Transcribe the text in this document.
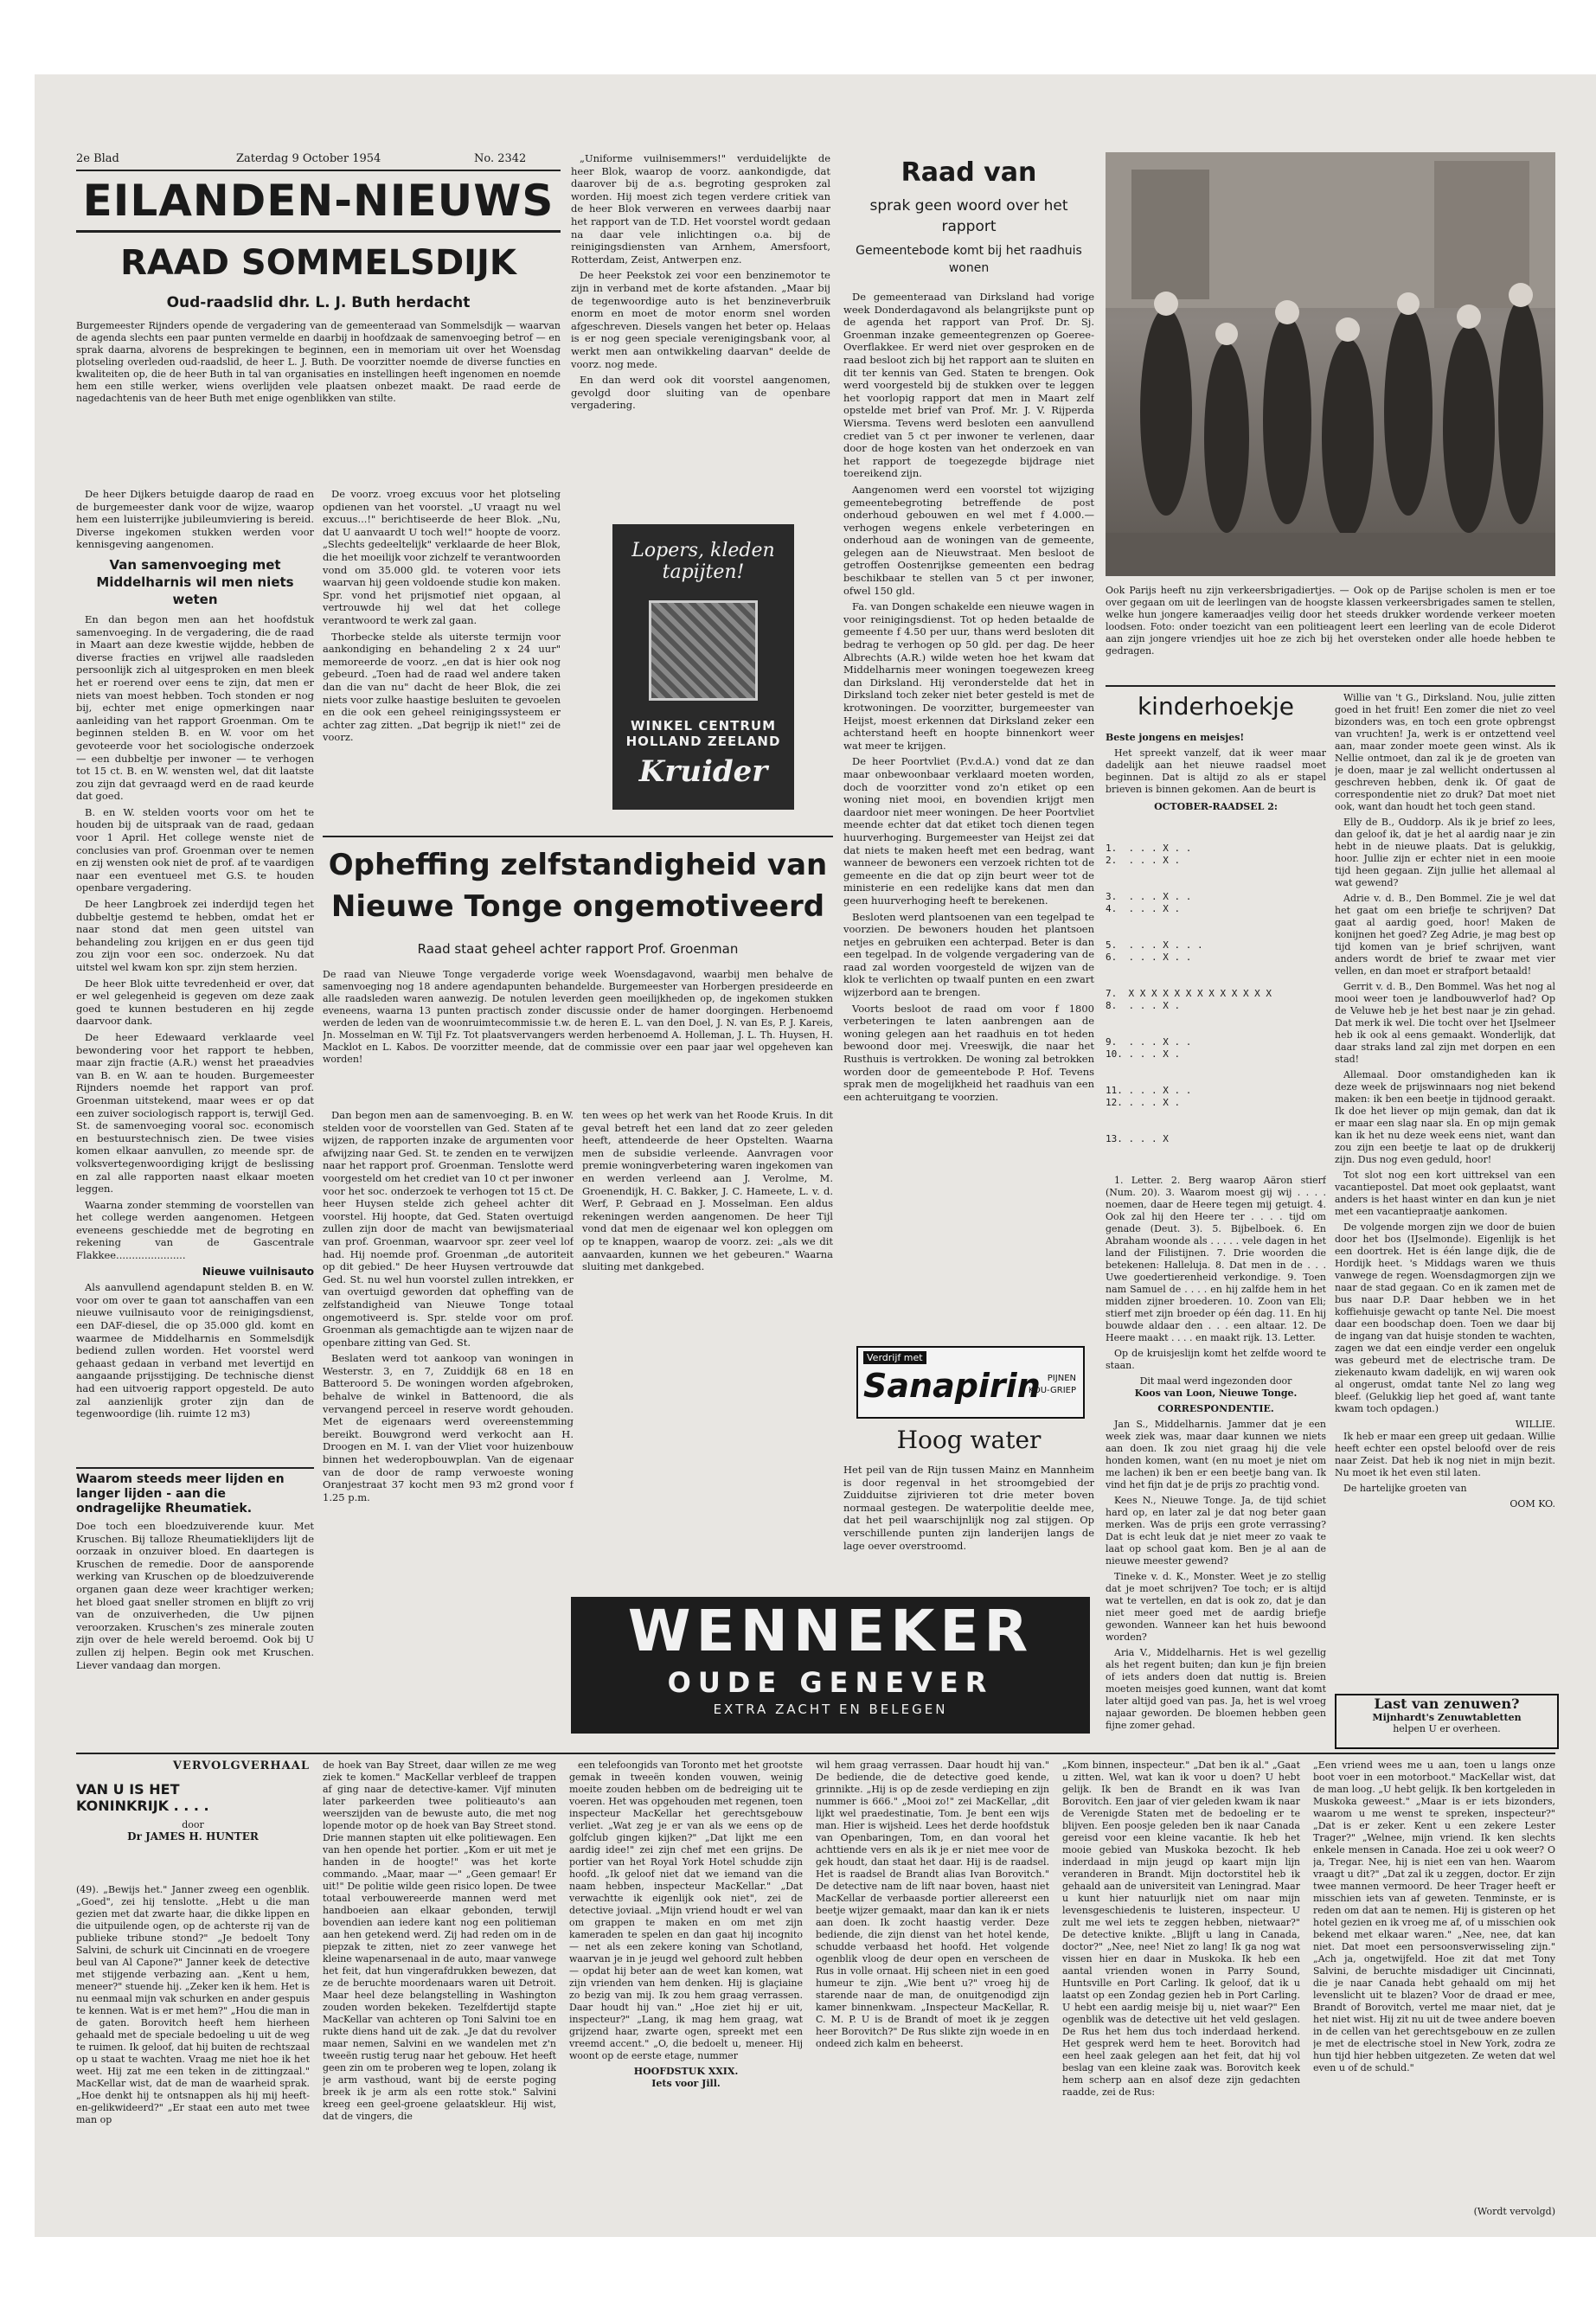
2e Blad	Zaterdag 9 October 1954	No. 2342
EILANDEN-NIEUWS
RAAD SOMMELSDIJK
Oud-raadslid dhr. L. J. Buth herdacht
Burgemeester Rijnders opende de vergadering van de gemeenteraad van Sommelsdijk — waarvan de agenda slechts een paar punten vermelde en daarbij in hoofdzaak de samenvoeging betrof — en sprak daarna, alvorens de besprekingen te beginnen, een in memoriam uit over het Woensdag plotseling overleden oud-raadslid, de heer L. J. Buth. De voorzitter noemde de diverse functies en kwaliteiten op, die de heer Buth in tal van organisaties en instellingen heeft ingenomen en noemde hem een stille werker, wiens overlijden vele plaatsen onbezet maakt. De raad eerde de nagedachtenis van de heer Buth met enige ogenblikken van stilte.

De heer Dijkers betuigde daarop de raad en de burgemeester dank voor de wijze, waarop hem een luisterrijke jubileumviering is bereid. Diverse ingekomen stukken werden voor kennisgeving aangenomen.

Van samenvoeging met Middelharnis wil men niets weten

En dan begon men aan het hoofdstuk samenvoeging. In de vergadering, die de raad in Maart aan deze kwestie wijdde, hebben de diverse fracties en vrijwel alle raadsleden persoonlijk zich al uitgesproken en men bleek het er roerend over eens te zijn, dat men er niets van moest hebben. Toch stonden er nog bij, echter met enige opmerkingen naar aanleiding van het rapport Groenman. Om te beginnen stelden B. en W. voor om het gevoteerde voor het sociologische onderzoek — een dubbeltje per inwoner — te verhogen tot 15 ct. B. en W. wensten wel, dat dit laatste zou zijn dat gevraagd werd en de raad keurde dat goed.

B. en W. stelden voorts voor om het te houden bij de uitspraak van de raad, gedaan voor 1 April. Het college wenste niet de conclusies van prof. Groenman over te nemen en zij wensten ook niet de prof. af te vaardigen naar een eventueel met G.S. te houden openbare vergadering.

De heer Langbroek zei inderdijd tegen het dubbeltje gestemd te hebben, omdat het er naar stond dat men geen uitstel van behandeling zou krijgen en er dus geen tijd zou zijn voor een soc. onderzoek. Nu dat uitstel wel kwam kon spr. zijn stem herzien.

De heer Blok uitte tevredenheid er over, dat er wel gelegenheid is gegeven om deze zaak goed te kunnen bestuderen en hij zegde daarvoor dank.

De heer Edewaard verklaarde veel bewondering voor het rapport te hebben, maar zijn fractie (A.R.) wenst het praeadvies van B. en W. aan te houden. Burgemeester Rijnders noemde het rapport van prof. Groenman uitstekend, maar wees er op dat een zuiver sociologisch rapport is, terwijl Ged. St. de samenvoeging vooral soc. economisch en bestuurstechnisch zien. De twee visies komen elkaar aanvullen, zo meende spr. de volksvertegenwoordiging krijgt de beslissing en zal alle rapporten naast elkaar moeten leggen.

Waarna zonder stemming de voorstellen van het college werden aangenomen. Hetgeen eveneens geschiedde met de begroting en rekening van de Gascentrale Flakkee......................

Nieuwe vuilnisauto

Als aanvullend agendapunt stelden B. en W. voor om over te gaan tot aanschaffen van een nieuwe vuilnisauto voor de reinigingsdienst, een DAF-diesel, die op 35.000 gld. komt en waarmee de Middelharnis en Sommelsdijk bediend zullen worden. Het voorstel werd gehaast gedaan in verband met levertijd en aangaande prijsstijging. De technische dienst had een uitvoerig rapport opgesteld. De auto zal aanzienlijk groter zijn dan de tegenwoordige (lih. ruimte 12 m3)

Waarom steeds meer lijden en langer lijden - aan die ondragelijke Rheumatiek.
Doe toch een bloedzuiverende kuur. Met Kruschen. Bij talloze Rheumatieklijders lijt de oorzaak in onzuiver bloed. En daartegen is Kruschen de remedie. Door de aansporende werking van Kruschen op de bloedzuiverende organen gaan deze weer krachtiger werken; het bloed gaat sneller stromen en blijft zo vrij van de onzuiverheden, die Uw pijnen veroorzaken. Kruschen's zes minerale zouten zijn over de hele wereld beroemd. Ook bij U zullen zij helpen. Begin ook met Kruschen. Liever vandaag dan morgen.

De voorz. vroeg excuus voor het plotseling opdienen van het voorstel. „U vraagt nu wel excuus...!" berichtiseerde de heer Blok. „Nu, dat U aanvaardt U toch wel!" hoopte de voorz. „Slechts gedeeltelijk" verklaarde de heer Blok, die het moeilijk voor zichzelf te verantwoorden vond om 35.000 gld. te voteren voor iets waarvan hij geen voldoende studie kon maken. Spr. vond het prijsmotief niet opgaan, al vertrouwde hij wel dat het college verantwoord te werk zal gaan.

Thorbecke stelde als uiterste termijn voor aankondiging en behandeling 2 x 24 uur" memoreerde de voorz. „en dat is hier ook nog gebeurd. „Toen had de raad wel andere taken dan die van nu" dacht de heer Blok, die zei niets voor zulke haastige besluiten te gevoelen en die ook een geheel reinigingssysteem er achter zag zitten. „Dat begrijp ik niet!" zei de voorz.

„Uniforme vuilnisemmers!" verduidelijkte de heer Blok, waarop de voorz. aankondigde, dat daarover bij de a.s. begroting gesproken zal worden. Hij moest zich tegen verdere critiek van de heer Blok verweren en verwees daarbij naar het rapport van de T.D. Het voorstel wordt gedaan na daar vele inlichtingen o.a. bij de reinigingsdiensten van Arnhem, Amersfoort, Rotterdam, Zeist, Antwerpen enz.

De heer Peekstok zei voor een benzinemotor te zijn in verband met de korte afstanden. „Maar bij de tegenwoordige auto is het benzineverbruik enorm en moet de motor enorm snel worden afgeschreven. Diesels vangen het beter op. Helaas is er nog geen speciale verenigingsbank voor, al werkt men aan ontwikkeling daarvan" deelde de voorz. nog mede.

En dan werd ook dit voorstel aangenomen, gevolgd door sluiting van de openbare vergadering.

Lopers, kleden
tapijten!
WINKEL CENTRUM
HOLLAND ZEELAND
Kruider
Opheffing zelfstandigheid van Nieuwe Tonge ongemotiveerd
Raad staat geheel achter rapport Prof. Groenman
De raad van Nieuwe Tonge vergaderde vorige week Woensdagavond, waarbij men behalve de samenvoeging nog 18 andere agendapunten behandelde. Burgemeester van Horbergen presideerde en alle raadsleden waren aanwezig. De notulen leverden geen moeilijkheden op, de ingekomen stukken eveneens, waarna 13 punten practisch zonder discussie onder de hamer doorgingen. Herbenoemd werden de leden van de woonruimtecommissie t.w. de heren E. L. van den Doel, J. N. van Es, P. J. Kareis, Jn. Mosselman en W. Tijl Fz. Tot plaatsvervangers werden herbenoemd A. Holleman, J. L. Th. Huysen, H. Macklot en L. Kabos. De voorzitter meende, dat de commissie over een paar jaar wel opgeheven kan worden!

Dan begon men aan de samenvoeging. B. en W. stelden voor de voorstellen van Ged. Staten af te wijzen, de rapporten inzake de argumenten voor afwijzing naar Ged. St. te zenden en te verwijzen naar het rapport prof. Groenman. Tenslotte werd voorgesteld om het crediet van 10 ct per inwoner voor het soc. onderzoek te verhogen tot 15 ct. De heer Huysen stelde zich geheel achter dit voorstel. Hij hoopte, dat Ged. Staten overtuigd zullen zijn door de macht van bewijsmateriaal van prof. Groenman, waarvoor spr. zeer veel lof had. Hij noemde prof. Groenman „de autoriteit op dit gebied." De heer Huysen vertrouwde dat Ged. St. nu wel hun voorstel zullen intrekken, er van overtuigd geworden dat opheffing van de zelfstandigheid van Nieuwe Tonge totaal ongemotiveerd is. Spr. stelde voor om prof. Groenman als gemachtigde aan te wijzen naar de openbare zitting van Ged. St.

Beslaten werd tot aankoop van woningen in Westerstr. 3, en 7, Zuiddijk 68 en 18 en Batteroord 5. De woningen worden afgebroken, behalve de winkel in Battenoord, die als vervangend perceel in reserve wordt gehouden. Met de eigenaars werd overeenstemming bereikt. Bouwgrond werd verkocht aan H. Droogen en M. I. van der Vliet voor huizenbouw binnen het wederopbouwplan. Van de eigenaar van de door de ramp verwoeste woning Oranjestraat 37 kocht men 93 m2 grond voor f 1.25 p.m.

ten wees op het werk van het Roode Kruis. In dit geval betreft het een land dat zo zeer geleden heeft, attendeerde de heer Opstelten. Waarna men de subsidie verleende. Aanvragen voor premie woningverbetering waren ingekomen van en werden verleend aan J. Verolme, M. Groenendijk, H. C. Bakker, J. C. Hameete, L. v. d. Werf, P. Gebraad en J. Mosselman. Een aldus rekeningen werden aangenomen. De heer Tijl vond dat men de eigenaar wel kon opleggen om op te knappen, waarop de voorz. zei: „als we dit aanvaarden, kunnen we het gebeuren." Waarna sluiting met dankgebed.
Raad van
sprak geen woord over het rapport
Gemeentebode komt bij het raadhuis wonen

De gemeenteraad van Dirksland had vorige week Donderdagavond als belangrijkste punt op de agenda het rapport van Prof. Dr. Sj. Groenman inzake gemeentegrenzen op Goeree-Overflakkee. Er werd niet over gesproken en de raad besloot zich bij het rapport aan te sluiten en dit ter kennis van Ged. Staten te brengen. Ook werd voorgesteld bij de stukken over te leggen het voorlopig rapport dat men in Maart zelf opstelde met brief van Prof. Mr. J. V. Rijperda Wiersma. Tevens werd besloten een aanvullend crediet van 5 ct per inwoner te verlenen, daar door de hoge kosten van het onderzoek en van het rapport de toegezegde bijdrage niet toereikend zijn.

Aangenomen werd een voorstel tot wijziging gemeentebegroting betreffende de post onderhoud gebouwen en wel met f 4.000.— verhogen wegens enkele verbeteringen en onderhoud aan de woningen van de gemeente, gelegen aan de Nieuwstraat. Men besloot de getroffen Oostenrijkse gemeenten een bedrag beschikbaar te stellen van 5 ct per inwoner, ofwel 150 gld.

Fa. van Dongen schakelde een nieuwe wagen in voor reinigingsdienst. Tot op heden betaalde de gemeente f 4.50 per uur, thans werd besloten dit bedrag te verhogen op 50 gld. per dag. De heer Albrechts (A.R.) wilde weten hoe het kwam dat Middelharnis meer woningen toegewezen kreeg dan Dirksland. Hij veronderstelde dat het in Dirksland toch zeker niet beter gesteld is met de krotwoningen. De voorzitter, burgemeester van Heijst, moest erkennen dat Dirksland zeker een achterstand heeft en hoopte binnenkort weer wat meer te krijgen.

De heer Poortvliet (P.v.d.A.) vond dat ze dan maar onbewoonbaar verklaard moeten worden, doch de voorzitter vond zo'n etiket op een woning niet mooi, en bovendien krijgt men daardoor niet meer woningen. De heer Poortvliet meende echter dat dat etiket toch dienen tegen huurverhoging. Burgemeester van Heijst zei dat dat niets te maken heeft met een bedrag, want wanneer de bewoners een verzoek richten tot de gemeente en die dat op zijn beurt weer tot de ministerie en een redelijke kans dat men dan geen huurverhoging heeft te berekenen.

Besloten werd plantsoenen van een tegelpad te voorzien. De bewoners houden het plantsoen netjes en gebruiken een achterpad. Beter is dan een tegelpad. In de volgende vergadering van de raad zal worden voorgesteld de wijzen van de klok te verlichten op twaalf punten en een zwart wijzerbord aan te brengen.

Voorts besloot de raad om voor f 1800 verbeteringen te laten aanbrengen aan de woning gelegen aan het raadhuis en tot heden bewoond door mej. Vreeswijk, die naar het Rusthuis is vertrokken. De woning zal betrokken worden door de gemeentebode P. Hof. Tevens sprak men de mogelijkheid het raadhuis van een een achteruitgang te voorzien.

Verdrijf met
Sanapirin PIJNEN
KOU-GRIEP
Hoog water
Het peil van de Rijn tussen Mainz en Mannheim is door regenval in het stroomgebied der Zuidduitse zijrivieren tot drie meter boven normaal gestegen. De waterpolitie deelde mee, dat het peil waarschijnlijk nog zal stijgen. Op verschillende punten zijn landerijen langs de lage oever overstroomd.
WENNEKER
OUDE GENEVER
EXTRA ZACHT EN BELEGEN
Ook Parijs heeft nu zijn verkeersbrigadiertjes. — Ook op de Parijse scholen is men er toe over gegaan om uit de leerlingen van de hoogste klassen verkeersbrigades samen te stellen, welke hun jongere kameraadjes veilig door het steeds drukker wordende verkeer moeten loodsen. Foto: onder toezicht van een politieagent leert een leerling van de ecole Diderot aan zijn jongere vriendjes uit hoe ze zich bij het oversteken onder alle hoede hebben te gedragen.
kinderhoekje
Beste jongens en meisjes!

Het spreekt vanzelf, dat ik weer maar dadelijk aan het nieuwe raadsel moet beginnen. Dat is altijd zo als er stapel brieven is binnen gekomen. Aan de beurt is

OCTOBER-RAADSEL 2:

1.  . . . X . .
2.  . . . X .

3.  . . . X . .
4.  . . . X .

5.  . . . X . . .
6.  . . . X . .

7.  X X X X X X X X X X X X X
8.  . . . X .

9.  . . . X . .
10. . . . X .

11. . . . X . .
12. . . . X .

13. . . . X

1. Letter. 2. Berg waarop Aäron stierf (Num. 20). 3. Waarom moest gij wij . . . . noemen, daar de Heere tegen mij getuigt. 4. Ook zal hij den Heere ter . . . . tijd om genade (Deut. 3). 5. Bijbelboek. 6. En Abraham woonde als . . . . . vele dagen in het land der Filistijnen. 7. Drie woorden die betekenen: Halleluja. 8. Dat men in de . . . Uwe goedertierenheid verkondige. 9. Toen nam Samuel de . . . . en hij zalfde hem in het midden zijner broederen. 10. Zoon van Eli; stierf met zijn broeder op één dag. 11. En hij bouwde aldaar den . . . een altaar. 12. De Heere maakt . . . . en maakt rijk. 13. Letter.

Op de kruisjeslijn komt het zelfde woord te staan.

Dit maal werd ingezonden door
Koos van Loon, Nieuwe Tonge.
CORRESPONDENTIE.

Jan S., Middelharnis. Jammer dat je een week ziek was, maar daar kunnen we niets aan doen. Ik zou niet graag hij die vele honden komen, want (en nu moet je niet om me lachen) ik ben er een beetje bang van. Ik vind het fijn dat je de prijs zo prachtig vond.

Kees N., Nieuwe Tonge. Ja, de tijd schiet hard op, en later zal je dat nog beter gaan merken. Was de prijs een grote verrassing? Dat is echt leuk dat je niet meer zo vaak te laat op school gaat kom. Ben je al aan de nieuwe meester gewend?

Tineke v. d. K., Monster. Weet je zo stellig dat je moet schrijven? Toe toch; er is altijd wat te vertellen, en dat is ook zo, dat je dan niet meer goed met de aardig briefje gewonden. Wanneer kan het huis bewoond worden?

Aria V., Middelharnis. Het is wel gezellig als het regent buiten; dan kun je fijn breien of iets anders doen dat nuttig is. Breien moeten meisjes goed kunnen, want dat komt later altijd goed van pas. Ja, het is wel vroeg najaar geworden. De bloemen hebben geen fijne zomer gehad.

Willie van 't G., Dirksland. Nou, julie zitten goed in het fruit! Een zomer die niet zo veel bizonders was, en toch een grote opbrengst van vruchten! Ja, werk is er ontzettend veel aan, maar zonder moete geen winst. Als ik Nellie ontmoet, dan zal ik je de groeten van je doen, maar je zal wellicht ondertussen al geschreven hebben, denk ik. Of gaat de correspondentie niet zo druk? Dat moet niet ook, want dan houdt het toch geen stand.

Elly de B., Ouddorp. Als ik je brief zo lees, dan geloof ik, dat je het al aardig naar je zin hebt in de nieuwe plaats. Dat is gelukkig, hoor. Jullie zijn er echter niet in een mooie tijd heen gegaan. Zijn jullie het allemaal al wat gewend?

Adrie v. d. B., Den Bommel. Zie je wel dat het gaat om een briefje te schrijven? Dat gaat al aardig goed, hoor! Maken de konijnen het goed? Zeg Adrie, je mag best op tijd komen van je brief schrijven, want anders wordt de brief te zwaar met vier vellen, en dan moet er strafport betaald!

Gerrit v. d. B., Den Bommel. Was het nog al mooi weer toen je landbouwverlof had? Op de Veluwe heb je het best naar je zin gehad. Dat merk ik wel. Die tocht over het IJselmeer heb ik ook al eens gemaakt. Wonderlijk, dat daar straks land zal zijn met dorpen en een stad!

Allemaal. Door omstandigheden kan ik deze week de prijswinnaars nog niet bekend maken: ik ben een beetje in tijdnood geraakt. Ik doe het liever op mijn gemak, dan dat ik er maar een slag naar sla. En op mijn gemak kan ik het nu deze week eens niet, want dan zou zijn een beetje te laat op de drukkerij zijn. Dus nog even geduld, hoor!

Tot slot nog een kort uittreksel van een vacantiepostel. Dat moet ook geplaatst, want anders is het haast winter en dan kun je niet met een vacantiepraatje aankomen.

De volgende morgen zijn we door de buien door het bos (IJselmonde). Eigenlijk is het een doortrek. Het is één lange dijk, die de Hordijk heet. 's Middags waren we thuis vanwege de regen. Woensdagmorgen zijn we naar de stad gegaan. Co en ik zamen met de bus naar D.P. Daar hebben we in het koffiehuisje gewacht op tante Nel. Die moest daar een boodschap doen. Toen we daar bij de ingang van dat huisje stonden te wachten, zagen we dat een eindje verder een ongeluk was gebeurd met de electrische tram. De ziekenauto kwam dadelijk, en wij waren ook al ongerust, omdat tante Nel zo lang weg bleef. (Gelukkig liep het goed af, want tante kwam toch opdagen.)

WILLIE.

Ik heb er maar een greep uit gedaan. Willie heeft echter een opstel beloofd over de reis naar Zeist. Dat heb ik nog niet in mijn bezit. Nu moet ik het even stil laten.

De hartelijke groeten van

OOM KO.
Last van zenuwen?
Mijnhardt's Zenuwtabletten
helpen U er overheen.
VERVOLGVERHAAL
VAN U IS HET
KONINKRIJK . . . .
door
Dr JAMES H. HUNTER
(49). „Bewijs het." Janner zweeg een ogenblik. „Goed", zei hij tenslotte. „Hebt u die man gezien met dat zwarte haar, die dikke lippen en die uitpuilende ogen, op de achterste rij van de publieke tribune stond?" „Je bedoelt Tony Salvini, de schurk uit Cincinnati en de vroegere beul van Al Capone?" Janner keek de detective met stijgende verbazing aan. „Kent u hem, meneer?" stuende hij. „Zeker ken ik hem. Het is nu eenmaal mijn vak schurken en ander gespuis te kennen. Wat is er met hem?" „Hou die man in de gaten. Borovitch heeft hem hierheen gehaald met de speciale bedoeling u uit de weg te ruimen. Ik geloof, dat hij buiten de rechtszaal op u staat te wachten. Vraag me niet hoe ik het weet. Hij zat me een teken in de zittingzaal." MacKellar wist, dat de man de waarheid sprak. „Hoe denkt hij te ontsnappen als hij mij heeft-en-gelikwideerd?" „Er staat een auto met twee man op
de hoek van Bay Street, daar willen ze me weg ziek te komen." MacKellar verbleef de trappen af ging naar de detective-kamer. Vijf minuten later parkeerden twee politieauto's aan weerszijden van de bewuste auto, die met nog lopende motor op de hoek van Bay Street stond. Drie mannen stapten uit elke politiewagen. Een van hen opende het portier. „Kom er uit met je handen in de hoogte!" was het korte commando. „Maar, maar —" „Geen gemaar! Er uit!" De politie wilde geen risico lopen. De twee totaal verbouwereerde mannen werd met handboeien aan elkaar gebonden, terwijl bovendien aan iedere kant nog een politieman aan hen getekend werd. Zij had reden om in de piepzak te zitten, niet zo zeer vanwege het kleine wapenarsenaal in de auto, maar vanwege het feit, dat hun vingerafdrukken bewezen, dat ze de beruchte moordenaars waren uit Detroit. Maar heel deze belangstelling in Washington zouden worden bekeken. Tezelfdertijd stapte MacKellar van achteren op Toni Salvini toe en rukte diens hand uit de zak. „Je dat du revolver maar nemen, Salvini en we wandelen met z'n tweeën rustig terug naar het gebouw. Het heeft geen zin om te proberen weg te lopen, zolang ik je arm vasthoud, want bij de eerste poging breek ik je arm als een rotte stok." Salvini kreeg een geel-groene gelaatskleur. Hij wist, dat de vingers, die

een telefoongids van Toronto met het grootste gemak in tweeën konden vouwen, weinig moeite zouden hebben om de bedreiging uit te voeren. Het was opgehouden met regenen, toen inspecteur MacKellar het gerechtsgebouw verliet. „Wat zeg je er van als we eens op de golfclub gingen kijken?" „Dat lijkt me een aardig idee!" zei zijn chef met een grijns. De portier van het Royal York Hotel schudde zijn hoofd. „Ik geloof niet dat we iemand van die naam hebben, inspecteur MacKellar." „Dat verwachtte ik eigenlijk ook niet", zei de detective joviaal. „Mijn vriend houdt er wel van om grappen te maken en om met zijn kameraden te spelen en dan gaat hij incognito — net als een zekere koning van Schotland, waarvan je in je jeugd wel gehoord zult hebben — opdat hij beter aan de weet kan komen, wat zijn vrienden van hem denken. Hij is glaçiaine zo bezig van mij. Ik zou hem graag verrassen. Daar houdt hij van." „Hoe ziet hij er uit, inspecteur?" „Lang, ik mag hem graag, wat grijzend haar, zwarte ogen, spreekt met een vreemd accent." „O, die bedoelt u, meneer. Hij woont op de eerste etage, nummer

HOOFDSTUK XXIX.
Iets voor Jill.
wil hem graag verrassen. Daar houdt hij van." De bediende, die de detective goed kende, grinnikte. „Hij is op de zesde verdieping en zijn nummer is 666." „Mooi zo!" zei MacKellar, „dit lijkt wel praedestinatie, Tom. Je bent een wijs man. Hier is wijsheid. Lees het derde hoofdstuk van Openbaringen, Tom, en dan vooral het achttiende vers en als ik je er niet mee voor de gek houdt, dan staat het daar. Hij is de raadsel. Het is raadsel de Brandt alias Ivan Borovitch." De detective nam de lift naar boven, haast niet MacKellar de verbaasde portier allereerst een beetje wijzer gemaakt, maar dan kan ik er niets aan doen. Ik zocht haastig verder. Deze bediende, die zijn dienst van het hotel kende, schudde verbaasd het hoofd. Het volgende ogenblik vloog de deur open en verscheen de Rus in volle ornaat. Hij scheen niet in een goed humeur te zijn. „Wie bent u?" vroeg hij de starende naar de man, de onuitgenodigd zijn kamer binnenkwam. „Inspecteur MacKellar, R. C. M. P. U is de Brandt of moet ik je zeggen heer Borovitch?" De Rus slikte zijn woede in en ondeed zich kalm en beheerst.
„Kom binnen, inspecteur." „Dat ben ik al." „Gaat u zitten. Wel, wat kan ik voor u doen? U hebt gelijk. Ik ben de Brandt en ik was Ivan Borovitch. Een jaar of vier geleden kwam ik naar de Verenigde Staten met de bedoeling er te blijven. Een poosje geleden ben ik naar Canada gereisd voor een kleine vacantie. Ik heb het mooie gebied van Muskoka bezocht. Ik heb inderdaad in mijn jeugd op kaart mijn lijn veranderen in Brandt. Mijn doctorstitel heb ik gehaald aan de universiteit van Leningrad. Maar u kunt hier natuurlijk niet om naar mijn levensgeschiedenis te luisteren, inspecteur. U zult me wel iets te zeggen hebben, nietwaar?" De detective knikte. „Blijft u lang in Canada, doctor?" „Nee, nee! Niet zo lang! Ik ga nog wat vissen hier en daar in Muskoka. Ik heb een aantal vrienden wonen in Parry Sound, Huntsville en Port Carling. Ik geloof, dat ik u laatst op een Zondag gezien heb in Port Carling. U hebt een aardig meisje bij u, niet waar?" Een ogenblik was de detective uit het veld geslagen. De Rus het hem dus toch inderdaad herkend. Het gesprek werd hem te heet. Borovitch had een heel zaak gelegen aan het feit, dat hij vol beslag van een kleine zaak was. Borovitch keek hem scherp aan en alsof deze zijn gedachten raadde, zei de Rus:
„Een vriend wees me u aan, toen u langs onze boot voer in een motorboot." MacKellar wist, dat de man loog. „U hebt gelijk. Ik ben kortgeleden in Muskoka geweest." „Maar is er iets bizonders, waarom u me wenst te spreken, inspecteur?" „Dat is er zeker. Kent u een zekere Lester Trager?" „Welnee, mijn vriend. Ik ken slechts enkele mensen in Canada. Hoe zei u ook weer? O ja, Tregar. Nee, hij is niet een van hen. Waarom vraagt u dit?" „Dat zal ik u zeggen, doctor. Er zijn twee mannen vermoord. De heer Trager heeft er misschien iets van af geweten. Tenminste, er is reden om dat aan te nemen. Hij is gisteren op het hotel gezien en ik vroeg me af, of u misschien ook bekend met elkaar waren." „Nee, nee, dat kan niet. Dat moet een persoonsverwisseling zijn." „Ach ja, ongetwijfeld. Hoe zit dat met Tony Salvini, de beruchte misdadiger uit Cincinnati, die je naar Canada hebt gehaald om mij het levenslicht uit te blazen? Voor de draad er mee, Brandt of Borovitch, vertel me maar niet, dat je het niet wist. Hij zit nu uit de twee andere boeven in de cellen van het gerechtsgebouw en ze zullen je met de electrische stoel in New York, zodra ze hun tijd hier hebben uitgezeten. Ze weten dat wel even u of de schuld."
(Wordt vervolgd)
